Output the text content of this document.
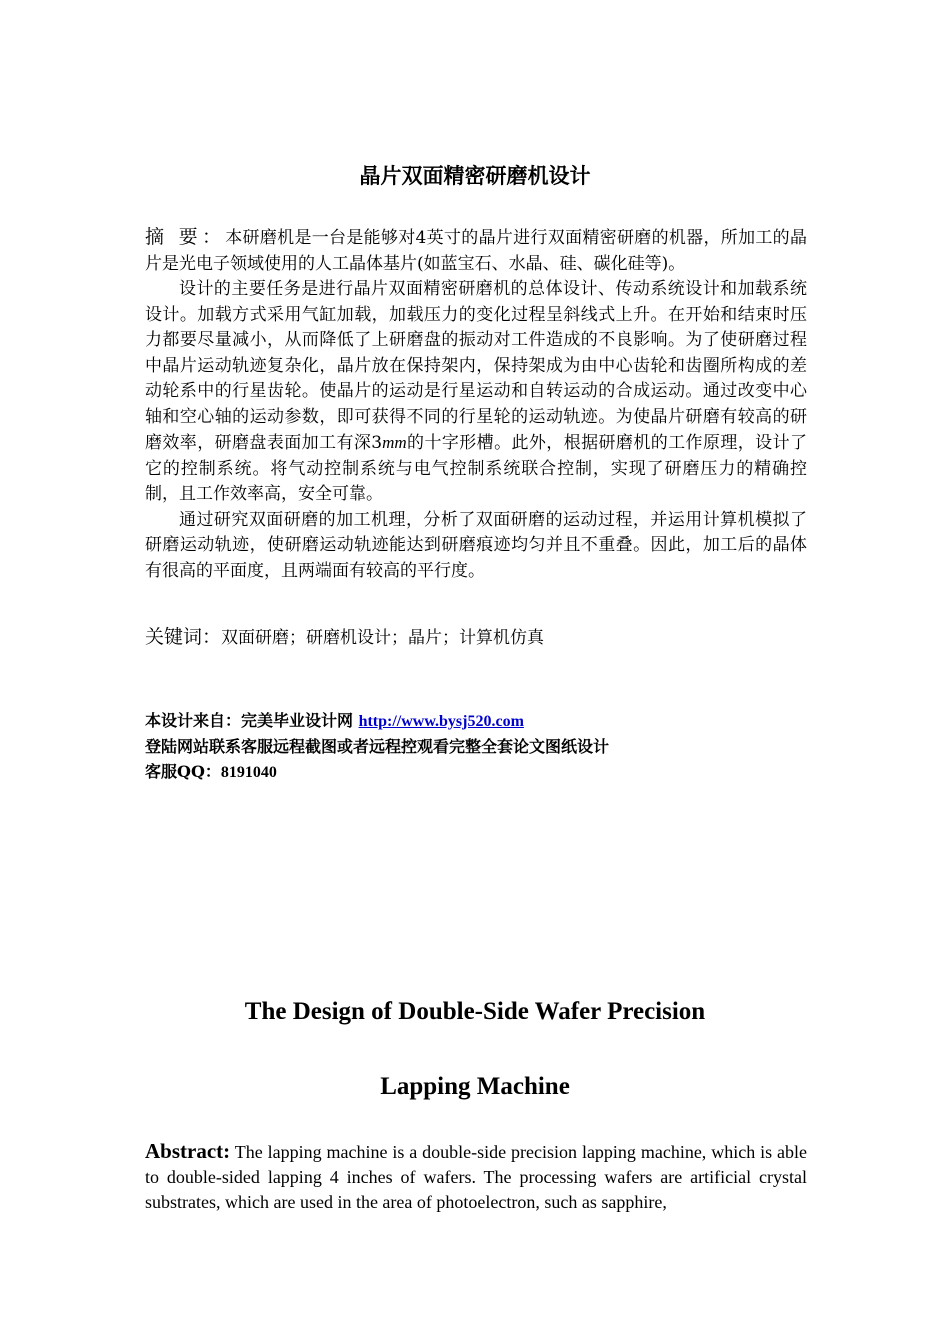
晶片双面精密研磨机设计

摘 要：本研磨机是一台是能够对4英寸的晶片进行双面精密研磨的机器，所加工的晶片是光电子领域使用的人工晶体基片(如蓝宝石、水晶、硅、碳化硅等)。

设计的主要任务是进行晶片双面精密研磨机的总体设计、传动系统设计和加载系统设计。加载方式采用气缸加载，加载压力的变化过程呈斜线式上升。在开始和结束时压力都要尽量减小，从而降低了上研磨盘的振动对工件造成的不良影响。为了使研磨过程中晶片运动轨迹复杂化，晶片放在保持架内，保持架成为由中心齿轮和齿圈所构成的差动轮系中的行星齿轮。使晶片的运动是行星运动和自转运动的合成运动。通过改变中心轴和空心轴的运动参数，即可获得不同的行星轮的运动轨迹。为使晶片研磨有较高的研磨效率，研磨盘表面加工有深3mm的十字形槽。此外，根据研磨机的工作原理，设计了它的控制系统。将气动控制系统与电气控制系统联合控制，实现了研磨压力的精确控制，且工作效率高，安全可靠。

通过研究双面研磨的加工机理，分析了双面研磨的运动过程，并运用计算机模拟了研磨运动轨迹，使研磨运动轨迹能达到研磨痕迹均匀并且不重叠。因此，加工后的晶体有很高的平面度，且两端面有较高的平行度。

关键词：双面研磨；研磨机设计；晶片；计算机仿真
本设计来自：完美毕业设计网 http://www.bysj520.com
登陆网站联系客服远程截图或者远程控观看完整全套论文图纸设计
客服QQ：8191040
The Design of Double-Side Wafer Precision
Lapping Machine

Abstract: The lapping machine is a double-side precision lapping machine, which is able to double-sided lapping 4 inches of wafers. The processing wafers are artificial crystal substrates, which are used in the area of photoelectron, such as sapphire,
